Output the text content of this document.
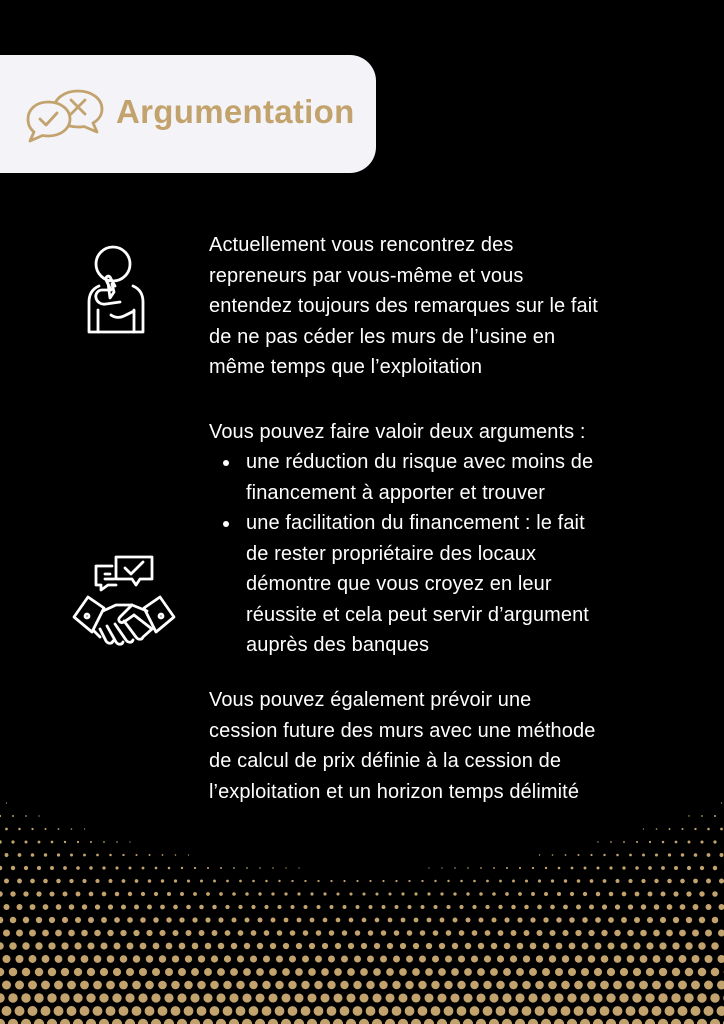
Argumentation
Actuellement vous rencontrez des
repreneurs par vous-même et vous
entendez toujours des remarques sur le fait
de ne pas céder les murs de l’usine en
même temps que l’exploitation
Vous pouvez faire valoir deux arguments :
une réduction du risque avec moins de
financement à apporter et trouver
une facilitation du financement : le fait
de rester propriétaire des locaux
démontre que vous croyez en leur
réussite et cela peut servir d’argument
auprès des banques
Vous pouvez également prévoir une
cession future des murs avec une méthode
de calcul de prix définie à la cession de
l’exploitation et un horizon temps délimité
